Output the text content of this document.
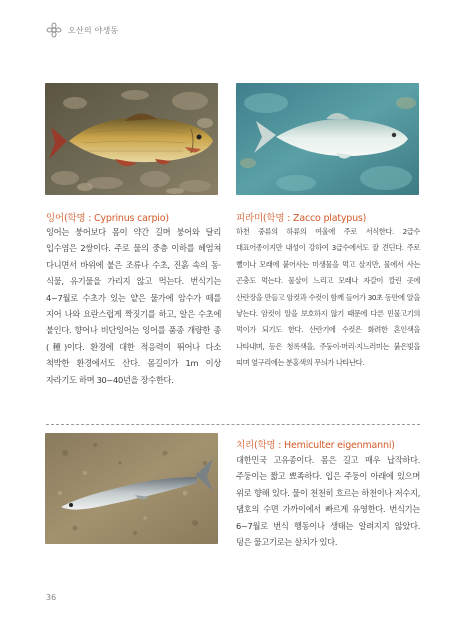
오산의 야생동
잉어(학명 : Cyprinus carpio)
잉어는 붕어보다 몸이 약간 길며 붕어와 달리 입수염은 2쌍이다. 주로 물의 중층 이하를 헤엄쳐 다니면서 바위에 붙은 조류나 수초, 진흙 속의 동·식물, 유기물을 가리지 않고 먹는다. 번식기는 4~7월로 수초가 있는 얕은 물가에 암수가 떼를 지어 나와 요란스럽게 짝짓기를 하고, 알은 수초에 붙인다. 향어나 비단잉어는 잉어를 품종 개량한 종(種)이다. 환경에 대한 적응력이 뛰어나 다소 척박한 환경에서도 산다. 몸길이가 1m 이상 자라기도 하며 30~40년을 장수한다.
피라미(학명 : Zacco platypus)
하천 중류의 하류의 여울에 주로 서식한다. 2급수 대표어종이지만 내성이 강하여 3급수에서도 잘 견딘다. 주로 뻘이나 모래에 붙어사는 미생물을 먹고 살지만, 물에서 사는 곤충도 먹는다. 물살이 느리고 모래나 자갈이 깔린 곳에 산란장을 만들고 암컷과 수컷이 함께 들어가 30초 동안에 알을 낳는다. 암컷이 알을 보호하지 않기 때문에 다른 민물고기의 먹이가 되기도 한다. 산란기에 수컷은 화려한 혼인색을 나타내며, 등은 청록색을, 주둥이·머리·지느러미는 붉은빛을 띠며 옆구리에는 분홍색의 무늬가 나타난다.
치리(학명 : Hemiculter eigenmanni)
대한민국 고유종이다. 몸은 길고 매우 납작하다. 주둥이는 짧고 뾰족하다. 입은 주둥이 아래에 있으며 위로 향해 있다. 물이 천천히 흐르는 하천이나 저수지, 댐호의 수면 가까이에서 빠르게 유영한다. 번식기는 6~7월로 번식 행동이나 생태는 알려지지 않았다. 덩은 물고기로는 살치가 있다.
36
